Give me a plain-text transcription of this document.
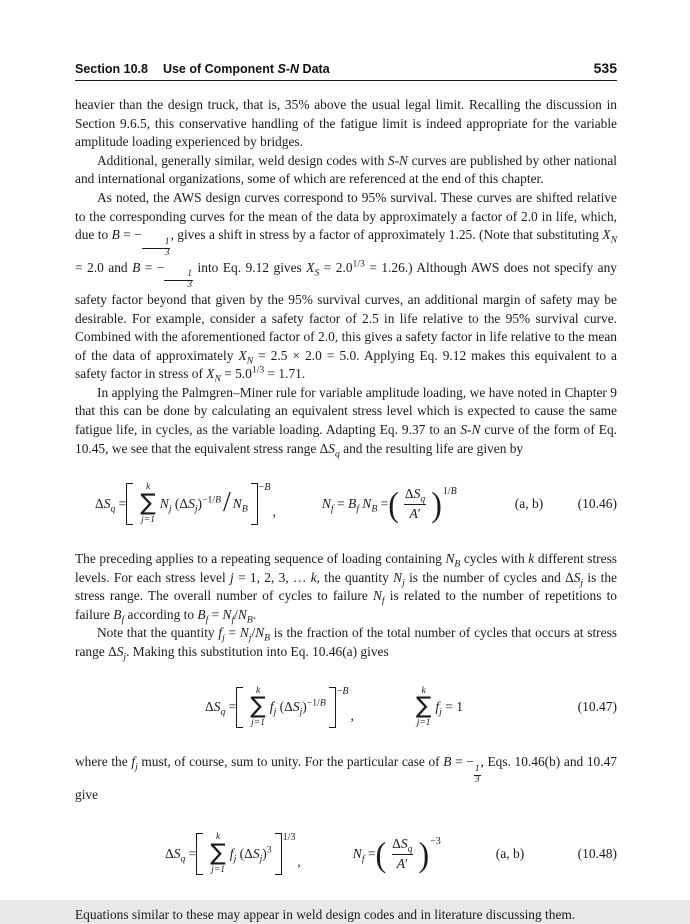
Section 10.8 Use of Component S-N Data	535

heavier than the design truck, that is, 35% above the usual legal limit. Recalling the discussion in Section 9.6.5, this conservative handling of the fatigue limit is indeed appropriate for the variable amplitude loading experienced by bridges.

Additional, generally similar, weld design codes with S-N curves are published by other national and international organizations, some of which are referenced at the end of this chapter.

As noted, the AWS design curves correspond to 95% survival. These curves are shifted relative to the corresponding curves for the mean of the data by approximately a factor of 2.0 in life, which, due to B = −
$\frac{1}{3}$
, gives a shift in stress by a factor of approximately 1.25. (Note that substituting $X_N = 2.0$ and B = −
$\frac{1}{3}$
into Eq. 9.12 gives $X_S = 2.0^{1/3} = 1.26$.) Although AWS does not specify any safety factor beyond that given by the 95% survival curves, an additional margin of safety may be desirable. For example, consider a safety factor of 2.5 in life relative to the 95% survival curve. Combined with the aforementioned factor of 2.0, this gives a safety factor in life relative to the mean of the data of approximately $X_N = 2.5 \times 2.0 = 5.0$. Applying Eq. 9.12 makes this equivalent to a safety factor in stress of $X_N = 5.0^{1/3} = 1.71$.

In applying the Palmgren–Miner rule for variable amplitude loading, we have noted in Chapter 9 that this can be done by calculating an equivalent stress level which is expected to cause the same fatigue life, in cycles, as the variable loading. Adapting Eq. 9.37 to an S-N curve of the form of Eq. 10.45, we see that the equivalent stress range $\Delta S_q$ and the resulting life are given by

$\Delta S_q$ =
k
∑
j=1
$N_j$ $(\Delta S_j)^{-1/B} / N_B$
−B
,
$N_f = B_f$ $N_B$ = ( $\frac{\Delta S_q}{A'}$ ) 1/B
(a, b)	(10.46)

The preceding applies to a repeating sequence of loading containing $N_B$ cycles with k different stress levels. For each stress level j = 1, 2, 3, … k, the quantity $N_j$ is the number of cycles and $\Delta S_j$ is the stress range. The overall number of cycles to failure $N_f$ is related to the number of repetitions to failure $B_f$ according to $B_f = N_f/N_B$.

Note that the quantity $f_j = N_j/N_B$ is the fraction of the total number of cycles that occurs at stress range $\Delta S_j$. Making this substitution into Eq. 10.46(a) gives

$\Delta S_q$ =
k
∑
j=1
$f_j$ $(\Delta S_j)^{-1/B}$
−B
,
k
∑
j=1
$f_j = 1$	(10.47)

where the $f_j$ must, of course, sum to unity. For the particular case of B = −
$\frac{1}{3}$
, Eqs. 10.46(b) and 10.47 give

$\Delta S_q$ =
k
∑
j=1
$f_j$ $(\Delta S_j)^3$
1/3
,
$N_f$ = ( $\frac{\Delta S_q}{A'}$ ) −3
(a, b)	(10.48)

Equations similar to these may appear in weld design codes and in literature discussing them.
